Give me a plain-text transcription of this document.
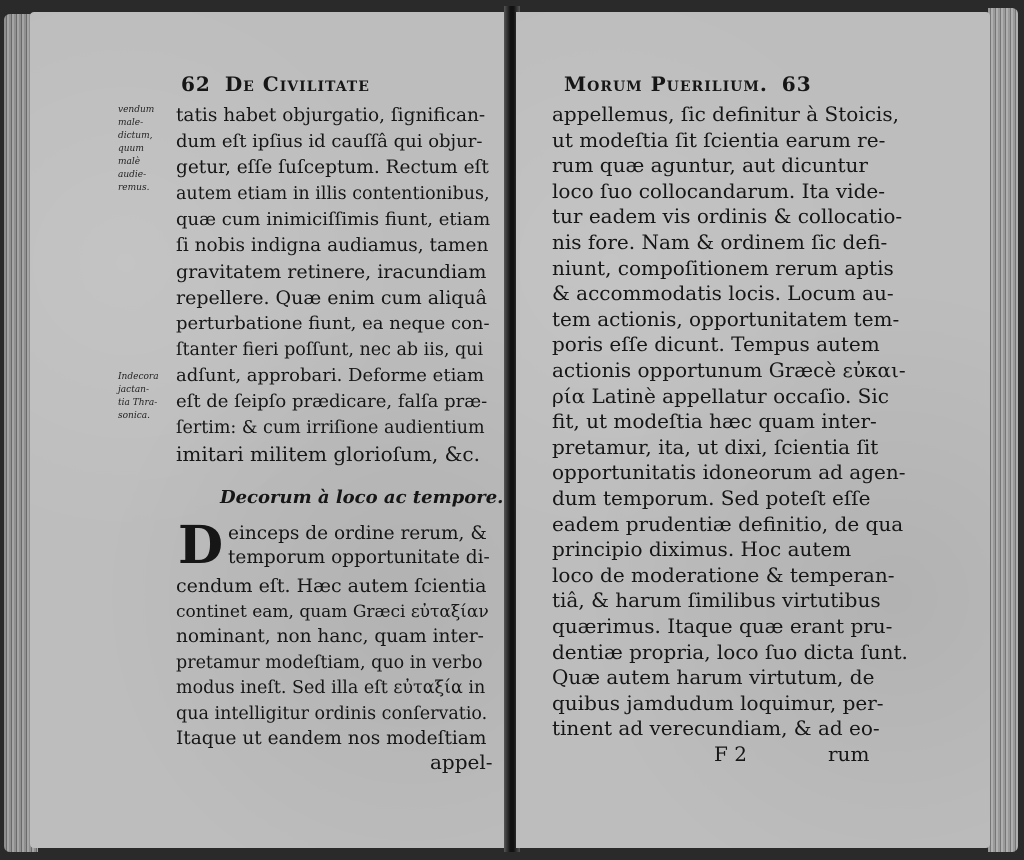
62 De Civilitate
vendum
male-
dictum,
quum
malè
audie-
remus.
Indecora
jactan-
tia Thra-
sonica.
tatis habet objurgatio, ſignifican-
dum eſt ipſius id cauſſâ qui objur-
getur, eſſe ſuſceptum. Rectum eſt
autem etiam in illis contentionibus,
quæ cum inimiciſſimis fiunt, etiam
ſi nobis indigna audiamus, tamen
gravitatem retinere, iracundiam
repellere. Quæ enim cum aliquâ
perturbatione fiunt, ea neque con-
ſtanter fieri poſſunt, nec ab iis, qui
adſunt, approbari. Deforme etiam
eſt de ſeipſo prædicare, falſa præ-
ſertim: & cum irriſione audientium
imitari militem glorioſum, &c.
Decorum à loco ac tempore.
D einceps de ordine rerum, &
temporum opportunitate di-
cendum eſt. Hæc autem ſcientia
continet eam, quam Græci εὐταξίαν
nominant, non hanc, quam inter-
pretamur modeſtiam, quo in verbo
modus ineſt. Sed illa eſt εὐταξία in
qua intelligitur ordinis conſervatio.
Itaque ut eandem nos modeſtiam
appel-
Morum Puerilium. 63
appellemus, ſic definitur à Stoicis,
ut modeſtia ſit ſcientia earum re-
rum quæ aguntur, aut dicuntur
loco ſuo collocandarum. Ita vide-
tur eadem vis ordinis & collocatio-
nis fore. Nam & ordinem ſic defi-
niunt, compoſitionem rerum aptis
& accommodatis locis. Locum au-
tem actionis, opportunitatem tem-
poris eſſe dicunt. Tempus autem
actionis opportunum Græcè εὐκαι-
ρία Latinè appellatur occaſio. Sic
fit, ut modeſtia hæc quam inter-
pretamur, ita, ut dixi, ſcientia ſit
opportunitatis idoneorum ad agen-
dum temporum. Sed poteſt eſſe
eadem prudentiæ definitio, de qua
principio diximus. Hoc autem
loco de moderatione & temperan-
tiâ, & harum ſimilibus virtutibus
quærimus. Itaque quæ erant pru-
dentiæ propria, loco ſuo dicta ſunt.
Quæ autem harum virtutum, de
quibus jamdudum loquimur, per-
tinent ad verecundiam, & ad eo-
F 2	rum
